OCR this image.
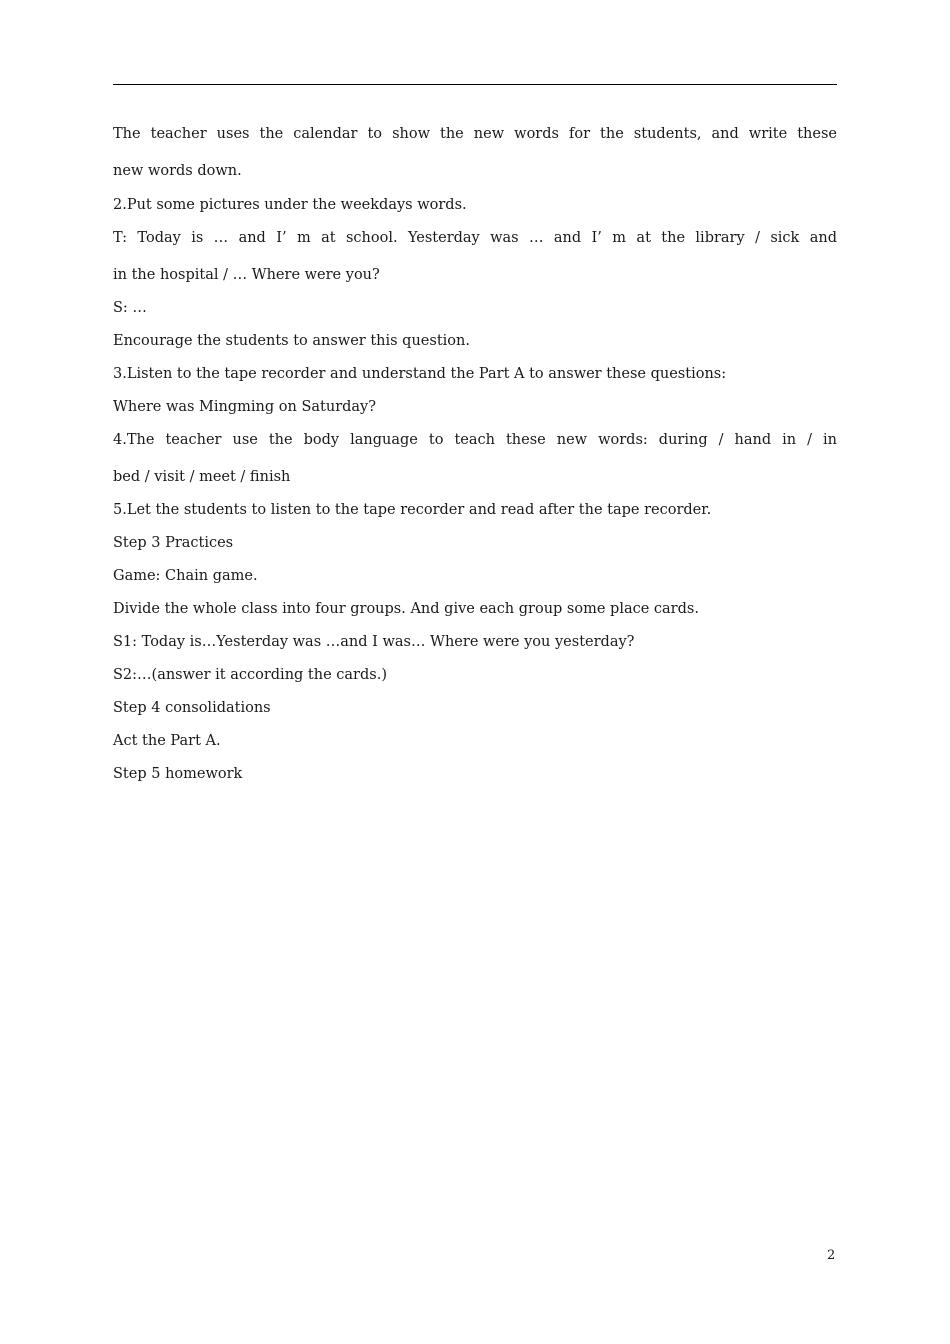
The teacher uses the calendar to show the new words for the students, and write these
new words down.
2.Put some pictures under the weekdays words.
T: Today is … and I’ m at school. Yesterday was … and I’ m at the library / sick and
in the hospital / … Where were you?
S: …
Encourage the students to answer this question.
3.Listen to the tape recorder and understand the Part A to answer these questions:
Where was Mingming on Saturday?
4.The teacher use the body language to teach these new words: during / hand in / in
bed / visit / meet / finish
5.Let the students to listen to the tape recorder and read after the tape recorder.
Step 3 Practices
Game: Chain game.
Divide the whole class into four groups. And give each group some place cards.
S1: Today is…Yesterday was …and I was… Where were you yesterday?
S2:…(answer it according the cards.)
Step 4 consolidations
Act the Part A.
Step 5 homework
2
